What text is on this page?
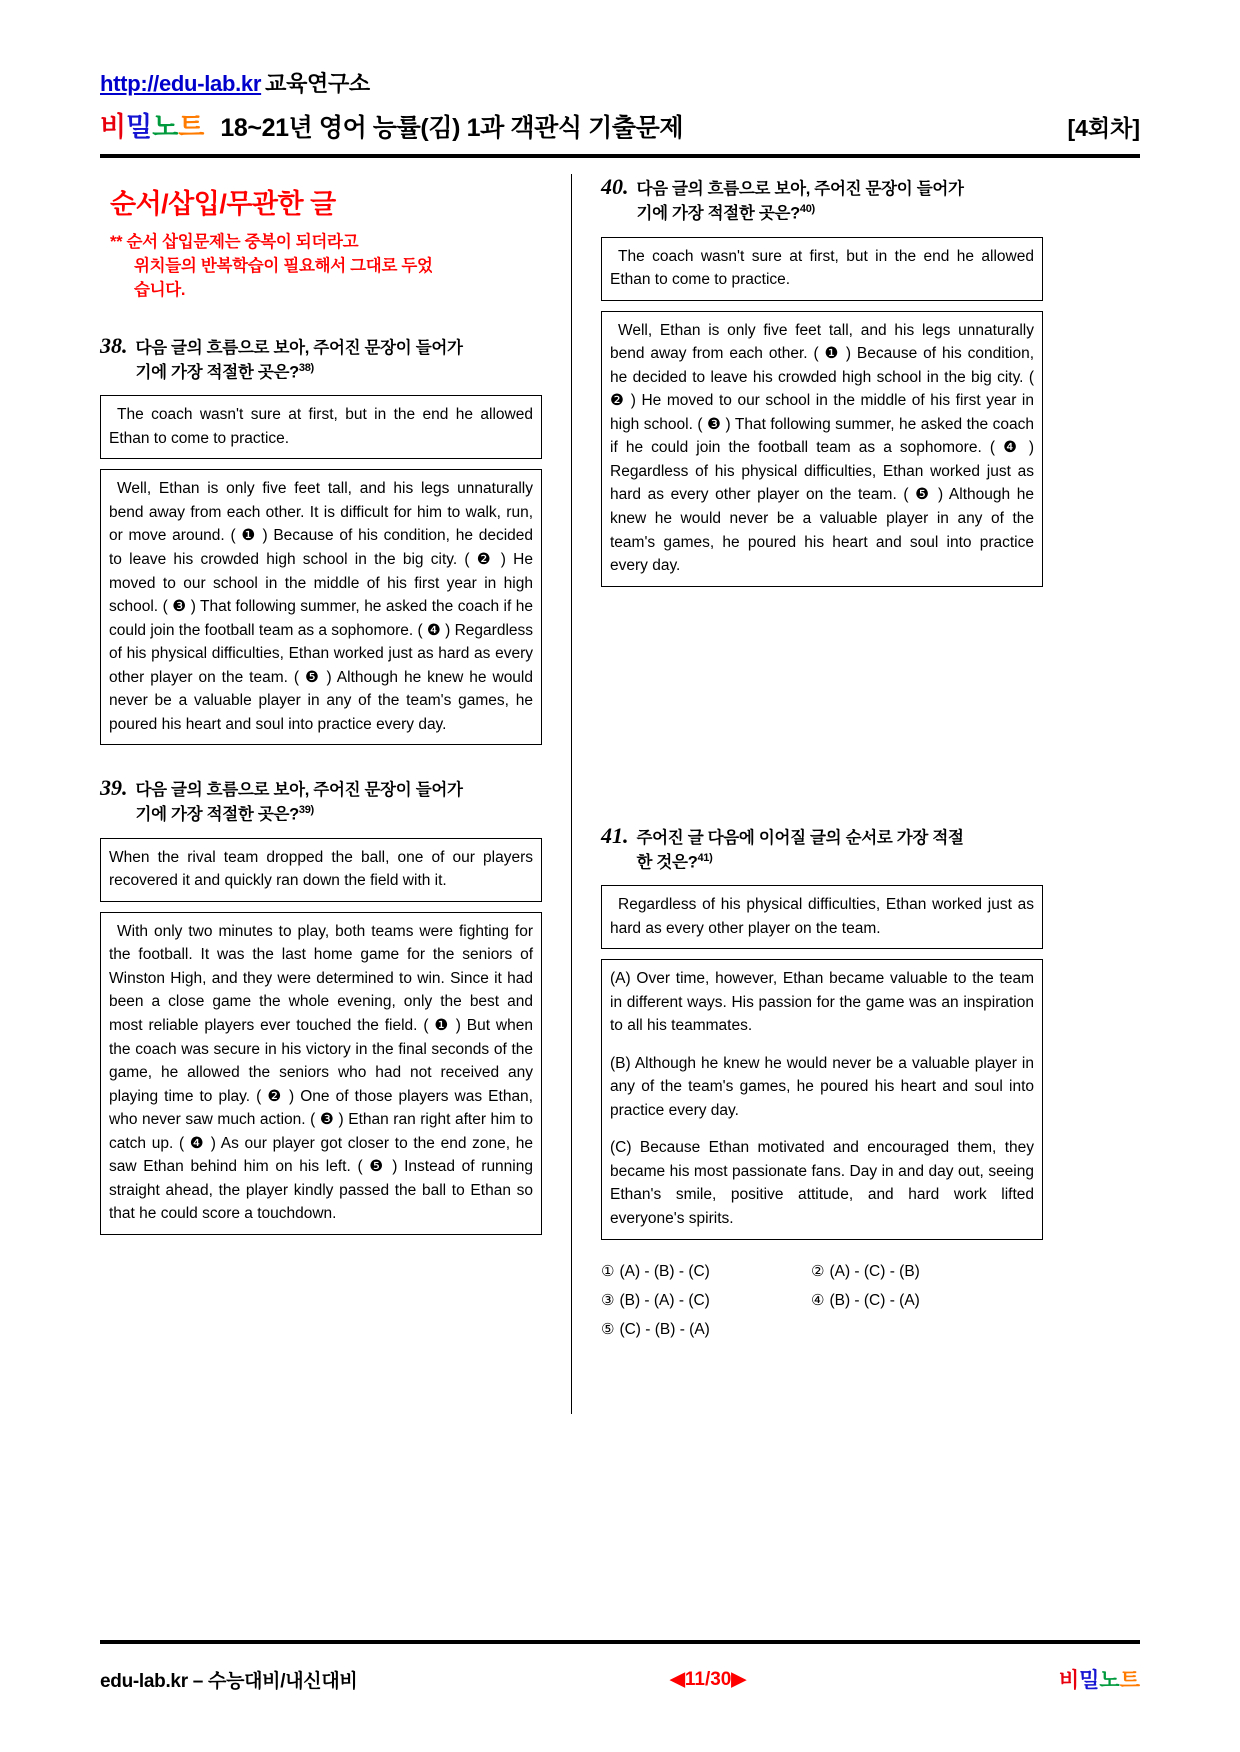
http://edu-lab.kr 교육연구소
비밀노트 18~21년 영어 능률(김) 1과 객관식 기출문제	[4회차]
순서/삽입/무관한 글
** 순서 삽입문제는 중복이 되더라고
위치들의 반복학습이 필요해서 그대로 두었
습니다.
38. 다음 글의 흐름으로 보아, 주어진 문장이 들어가
기에 가장 적절한 곳은?$^{38)}$

The coach wasn't sure at first, but in the end he allowed Ethan to come to practice.

Well, Ethan is only five feet tall, and his legs unnaturally bend away from each other. It is difficult for him to walk, run, or move around. ( ❶ ) Because of his condition, he decided to leave his crowded high school in the big city. ( ❷ ) He moved to our school in the middle of his first year in high school. ( ❸ ) That following summer, he asked the coach if he could join the football team as a sophomore. ( ❹ ) Regardless of his physical difficulties, Ethan worked just as hard as every other player on the team. ( ❺ ) Although he knew he would never be a valuable player in any of the team's games, he poured his heart and soul into practice every day.

39. 다음 글의 흐름으로 보아, 주어진 문장이 들어가
기에 가장 적절한 곳은?$^{39)}$

When the rival team dropped the ball, one of our players recovered it and quickly ran down the field with it.

With only two minutes to play, both teams were fighting for the football. It was the last home game for the seniors of Winston High, and they were determined to win. Since it had been a close game the whole evening, only the best and most reliable players ever touched the field. ( ❶ ) But when the coach was secure in his victory in the final seconds of the game, he allowed the seniors who had not received any playing time to play. ( ❷ ) One of those players was Ethan, who never saw much action. ( ❸ ) Ethan ran right after him to catch up. ( ❹ ) As our player got closer to the end zone, he saw Ethan behind him on his left. ( ❺ ) Instead of running straight ahead, the player kindly passed the ball to Ethan so that he could score a touchdown.

40. 다음 글의 흐름으로 보아, 주어진 문장이 들어가
기에 가장 적절한 곳은?$^{40)}$

The coach wasn't sure at first, but in the end he allowed Ethan to come to practice.

Well, Ethan is only five feet tall, and his legs unnaturally bend away from each other. ( ❶ ) Because of his condition, he decided to leave his crowded high school in the big city. ( ❷ ) He moved to our school in the middle of his first year in high school. ( ❸ ) That following summer, he asked the coach if he could join the football team as a sophomore. ( ❹ ) Regardless of his physical difficulties, Ethan worked just as hard as every other player on the team. ( ❺ ) Although he knew he would never be a valuable player in any of the team's games, he poured his heart and soul into practice every day.

41. 주어진 글 다음에 이어질 글의 순서로 가장 적절
한 것은?$^{41)}$

Regardless of his physical difficulties, Ethan worked just as hard as every other player on the team.

(A) Over time, however, Ethan became valuable to the team in different ways. His passion for the game was an inspiration to all his teammates.

(B) Although he knew he would never be a valuable player in any of the team's games, he poured his heart and soul into practice every day.

(C) Because Ethan motivated and encouraged them, they became his most passionate fans. Day in and day out, seeing Ethan's smile, positive attitude, and hard work lifted everyone's spirits.

① (A) - (B) - (C)	② (A) - (C) - (B)
③ (B) - (A) - (C)	④ (B) - (C) - (A)
⑤ (C) - (B) - (A)
edu-lab.kr – 수능대비/내신대비	◀11/30▶	비밀노트
